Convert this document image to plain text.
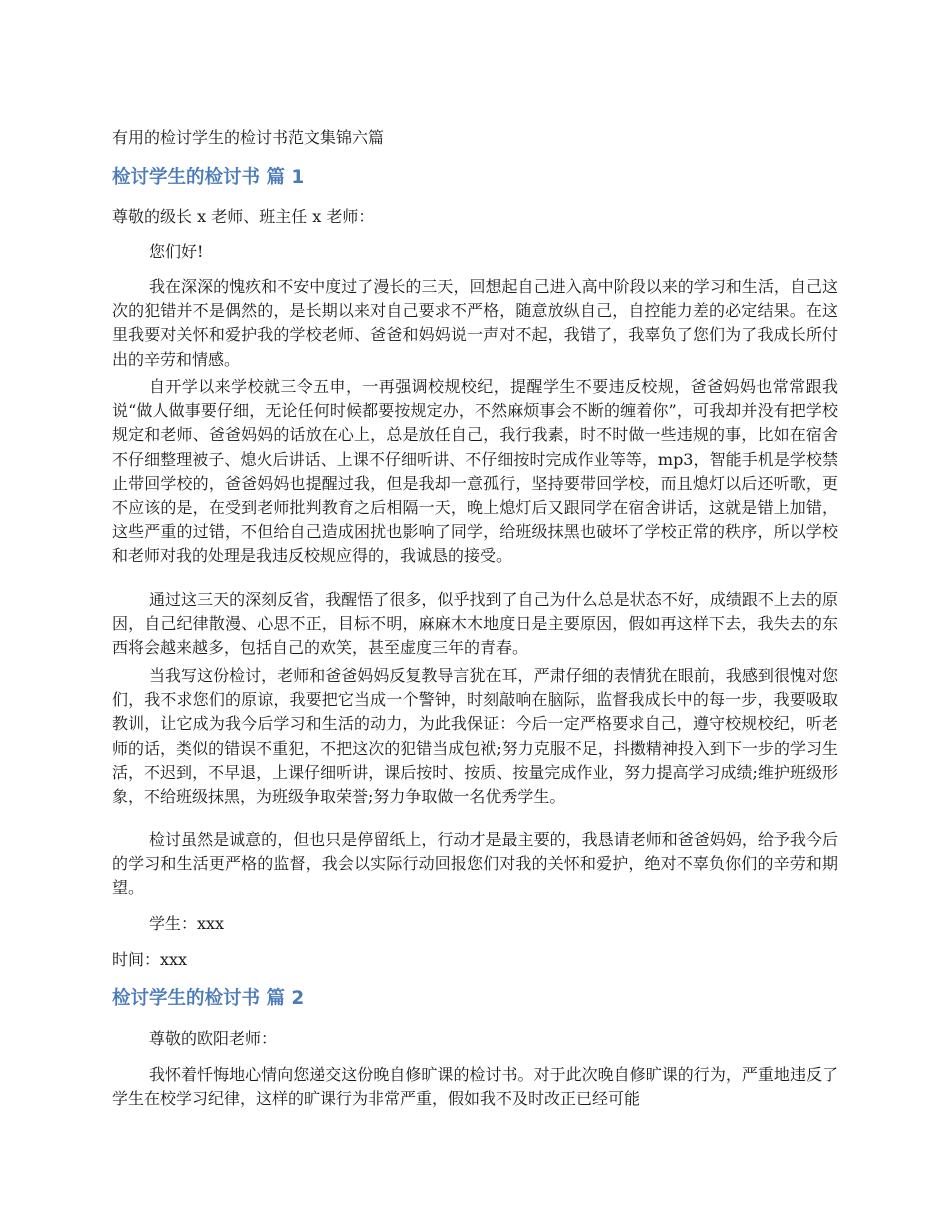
有用的检讨学生的检讨书范文集锦六篇

检讨学生的检讨书 篇 1

尊敬的级长 x 老师、班主任 x 老师：

您们好!

我在深深的愧疚和不安中度过了漫长的三天，回想起自己进入高中阶段以来的学习和生活，自己这次的犯错并不是偶然的，是长期以来对自己要求不严格，随意放纵自己，自控能力差的必定结果。在这里我要对关怀和爱护我的学校老师、爸爸和妈妈说一声对不起，我错了，我辜负了您们为了我成长所付出的辛劳和情感。

自开学以来学校就三令五申，一再强调校规校纪，提醒学生不要违反校规，爸爸妈妈也常常跟我说“做人做事要仔细，无论任何时候都要按规定办，不然麻烦事会不断的缠着你”，可我却并没有把学校规定和老师、爸爸妈妈的话放在心上，总是放任自己，我行我素，时不时做一些违规的事，比如在宿舍不仔细整理被子、熄火后讲话、上课不仔细听讲、不仔细按时完成作业等等，mp3，智能手机是学校禁止带回学校的，爸爸妈妈也提醒过我，但是我却一意孤行，坚持要带回学校，而且熄灯以后还听歌，更不应该的是，在受到老师批判教育之后相隔一天，晚上熄灯后又跟同学在宿舍讲话，这就是错上加错，这些严重的过错，不但给自己造成困扰也影响了同学，给班级抹黑也破坏了学校正常的秩序，所以学校和老师对我的处理是我违反校规应得的，我诚恳的接受。

通过这三天的深刻反省，我醒悟了很多，似乎找到了自己为什么总是状态不好，成绩跟不上去的原因，自己纪律散漫、心思不正，目标不明，麻麻木木地度日是主要原因，假如再这样下去，我失去的东西将会越来越多，包括自己的欢笑，甚至虚度三年的青春。

当我写这份检讨，老师和爸爸妈妈反复教导言犹在耳，严肃仔细的表情犹在眼前，我感到很愧对您们，我不求您们的原谅，我要把它当成一个警钟，时刻敲响在脑际，监督我成长中的每一步，我要吸取教训，让它成为我今后学习和生活的动力，为此我保证：今后一定严格要求自己，遵守校规校纪，听老师的话，类似的错误不重犯，不把这次的犯错当成包袱;努力克服不足，抖擞精神投入到下一步的学习生活，不迟到，不早退，上课仔细听讲，课后按时、按质、按量完成作业，努力提高学习成绩;维护班级形象，不给班级抹黑，为班级争取荣誉;努力争取做一名优秀学生。

检讨虽然是诚意的，但也只是停留纸上，行动才是最主要的，我恳请老师和爸爸妈妈，给予我今后的学习和生活更严格的监督，我会以实际行动回报您们对我的关怀和爱护，绝对不辜负你们的辛劳和期望。

学生：xxx

时间：xxx

检讨学生的检讨书 篇 2

尊敬的欧阳老师：

我怀着忏悔地心情向您递交这份晚自修旷课的检讨书。对于此次晚自修旷课的行为，严重地违反了学生在校学习纪律，这样的旷课行为非常严重，假如我不及时改正已经可能
